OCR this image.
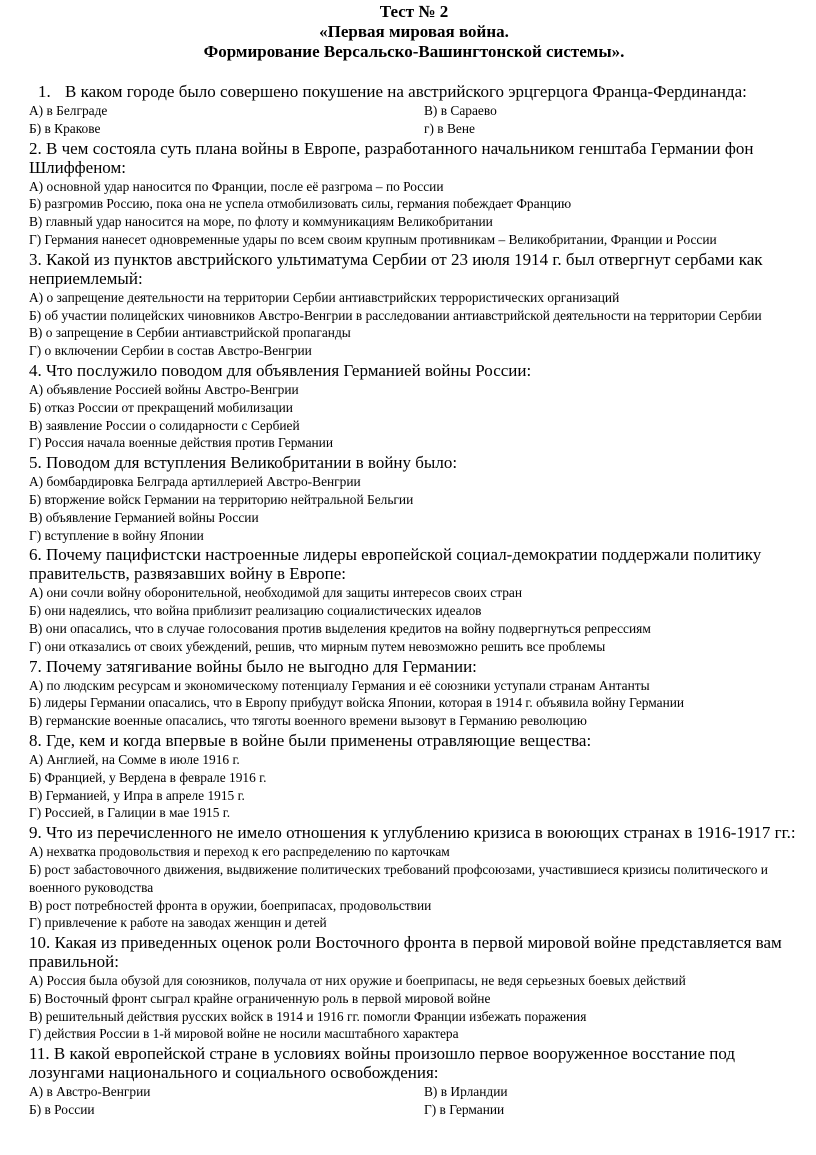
Тест № 2

«Первая мировая война.

Формирование Версальско-Вашингтонской системы».

1. В каком городе было совершено покушение на австрийского эрцгерцога Франца-Фердинанда:

А) в Белграде	В) в Сараево
Б) в Кракове	г) в Вене

2. В чем состояла суть плана войны в Европе, разработанного начальником генштаба Германии фон Шлиффеном:

А) основной удар наносится по Франции, после её разгрома – по России

Б) разгромив Россию, пока она не успела отмобилизовать силы, германия побеждает Францию

В) главный удар наносится на море, по флоту и коммуникациям Великобритании

Г) Германия нанесет одновременные удары по всем своим крупным противникам – Великобритании, Франции и России

3. Какой из пунктов австрийского ультиматума Сербии от 23 июля 1914 г. был отвергнут сербами как неприемлемый:

А) о запрещение деятельности на территории Сербии антиавстрийских террористических организаций

Б) об участии полицейских чиновников Австро-Венгрии в расследовании антиавстрийской деятельности на территории Сербии

В) о запрещение в Сербии антиавстрийской пропаганды

Г) о включении Сербии в состав Австро-Венгрии

4. Что послужило поводом для объявления Германией войны России:

А) объявление Россией войны Австро-Венгрии

Б) отказ России от прекращений мобилизации

В) заявление России о солидарности с Сербией

Г) Россия начала военные действия против Германии

5. Поводом для вступления Великобритании в войну было:

А) бомбардировка Белграда артиллерией Австро-Венгрии

Б) вторжение войск Германии на территорию нейтральной Бельгии

В) объявление Германией войны России

Г) вступление в войну Японии

6. Почему пацифистски настроенные лидеры европейской социал-демократии поддержали политику правительств, развязавших войну в Европе:

А) они сочли войну оборонительной, необходимой для защиты интересов своих стран

Б) они надеялись, что война приблизит реализацию социалистических идеалов

В) они опасались, что в случае голосования против выделения кредитов на войну подвергнуться репрессиям

Г) они отказались от своих убеждений, решив, что мирным путем невозможно решить все проблемы

7. Почему затягивание войны было не выгодно для Германии:

А) по людским ресурсам и экономическому потенциалу Германия и её союзники уступали странам Антанты

Б) лидеры Германии опасались, что в Европу прибудут войска Японии, которая в 1914 г. объявила войну Германии

В) германские военные опасались, что тяготы военного времени вызовут в Германию революцию

8. Где, кем и когда впервые в войне были применены отравляющие вещества:

А) Англией, на Сомме в июле 1916 г.

Б) Францией, у Вердена в феврале 1916 г.

В) Германией, у Ипра в апреле 1915 г.

Г) Россией, в Галиции в мае 1915 г.

9. Что из перечисленного не имело отношения к углублению кризиса в воюющих странах в 1916-1917 гг.:

А) нехватка продовольствия и переход к его распределению по карточкам

Б) рост забастовочного движения, выдвижение политических требований профсоюзами, участившиеся кризисы политического и военного руководства

В) рост потребностей фронта в оружии, боеприпасах, продовольствии

Г) привлечение к работе на заводах женщин и детей

10. Какая из приведенных оценок роли Восточного фронта в первой мировой войне представляется вам правильной:

А) Россия была обузой для союзников, получала от них оружие и боеприпасы, не ведя серьезных боевых действий

Б) Восточный фронт сыграл крайне ограниченную роль в первой мировой войне

В) решительный действия русских войск в 1914 и 1916 гг. помогли Франции избежать поражения

Г) действия России в 1-й мировой войне не носили масштабного характера

11. В какой европейской стране в условиях войны произошло первое вооруженное восстание под лозунгами национального и социального освобождения:

А) в Австро-Венгрии	В) в Ирландии
Б) в России	Г) в Германии
